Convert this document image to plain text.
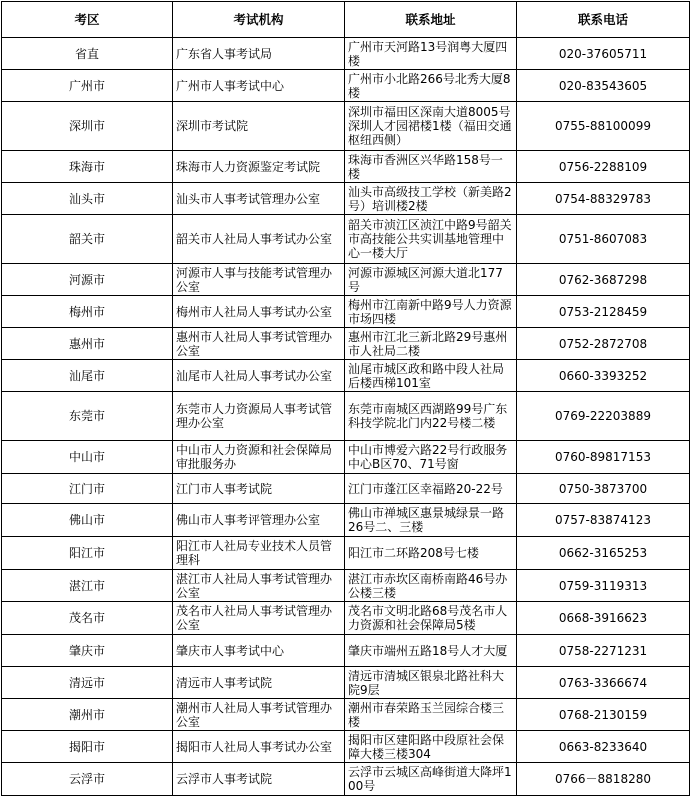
考区	考试机构	联系地址	联系电话
省直	广东省人事考试局	广州市天河路13号润粤大厦四楼	020-37605711
广州市	广州市人事考试中心	广州市小北路266号北秀大厦8楼	020-83543605
深圳市	深圳市考试院	深圳市福田区深南大道8005号深圳人才园裙楼1楼（福田交通枢纽西侧）	0755-88100099
珠海市	珠海市人力资源鉴定考试院	珠海市香洲区兴华路158号一楼	0756-2288109
汕头市	汕头市人事考试管理办公室	汕头市高级技工学校（新美路2号）培训楼2楼	0754-88329783
韶关市	韶关市人社局人事考试办公室	韶关市浈江区浈江中路9号韶关市高技能公共实训基地管理中心一楼大厅	0751-8607083
河源市	河源市人事与技能考试管理办公室	河源市源城区河源大道北177号	0762-3687298
梅州市	梅州市人社局人事考试办公室	梅州市江南新中路9号人力资源市场四楼	0753-2128459
惠州市	惠州市人社局人事考试管理办公室	惠州市江北三新北路29号惠州市人社局二楼	0752-2872708
汕尾市	汕尾市人社局人事考试办公室	汕尾市城区政和路中段人社局后楼西梯101室	0660-3393252
东莞市	东莞市人力资源局人事考试管理办公室	东莞市南城区西湖路99号广东科技学院北门内22号楼二楼	0769-22203889
中山市	中山市人力资源和社会保障局审批服务办	中山市博爱六路22号行政服务中心B区70、71号窗	0760-89817153
江门市	江门市人事考试院	江门市蓬江区幸福路20-22号	0750-3873700
佛山市	佛山市人事考评管理办公室	佛山市禅城区惠景城绿景一路 26号二、三楼	0757-83874123
阳江市	阳江市人社局专业技术人员管理科	阳江市二环路208号七楼	0662-3165253
湛江市	湛江市人社局人事考试管理办公室	湛江市赤坎区南桥南路46号办公楼三楼	0759-3119313
茂名市	茂名市人社局人事考试管理办公室	茂名市文明北路68号茂名市人力资源和社会保障局5楼	0668-3916623
肇庆市	肇庆市人事考试中心	肇庆市端州五路18号人才大厦	0758-2271231
清远市	清远市人事考试院	清远市清城区银泉北路社科大院9层	0763-3366674
潮州市	潮州市人社局人事考试管理办公室	潮州市春荣路玉兰园综合楼三楼	0768-2130159
揭阳市	揭阳市人社局人事考试办公室	揭阳市区建阳路中段原社会保障大楼三楼304	0663-8233640
云浮市	云浮市人事考试院	云浮市云城区高峰街道大降坪100号	0766－8818280
